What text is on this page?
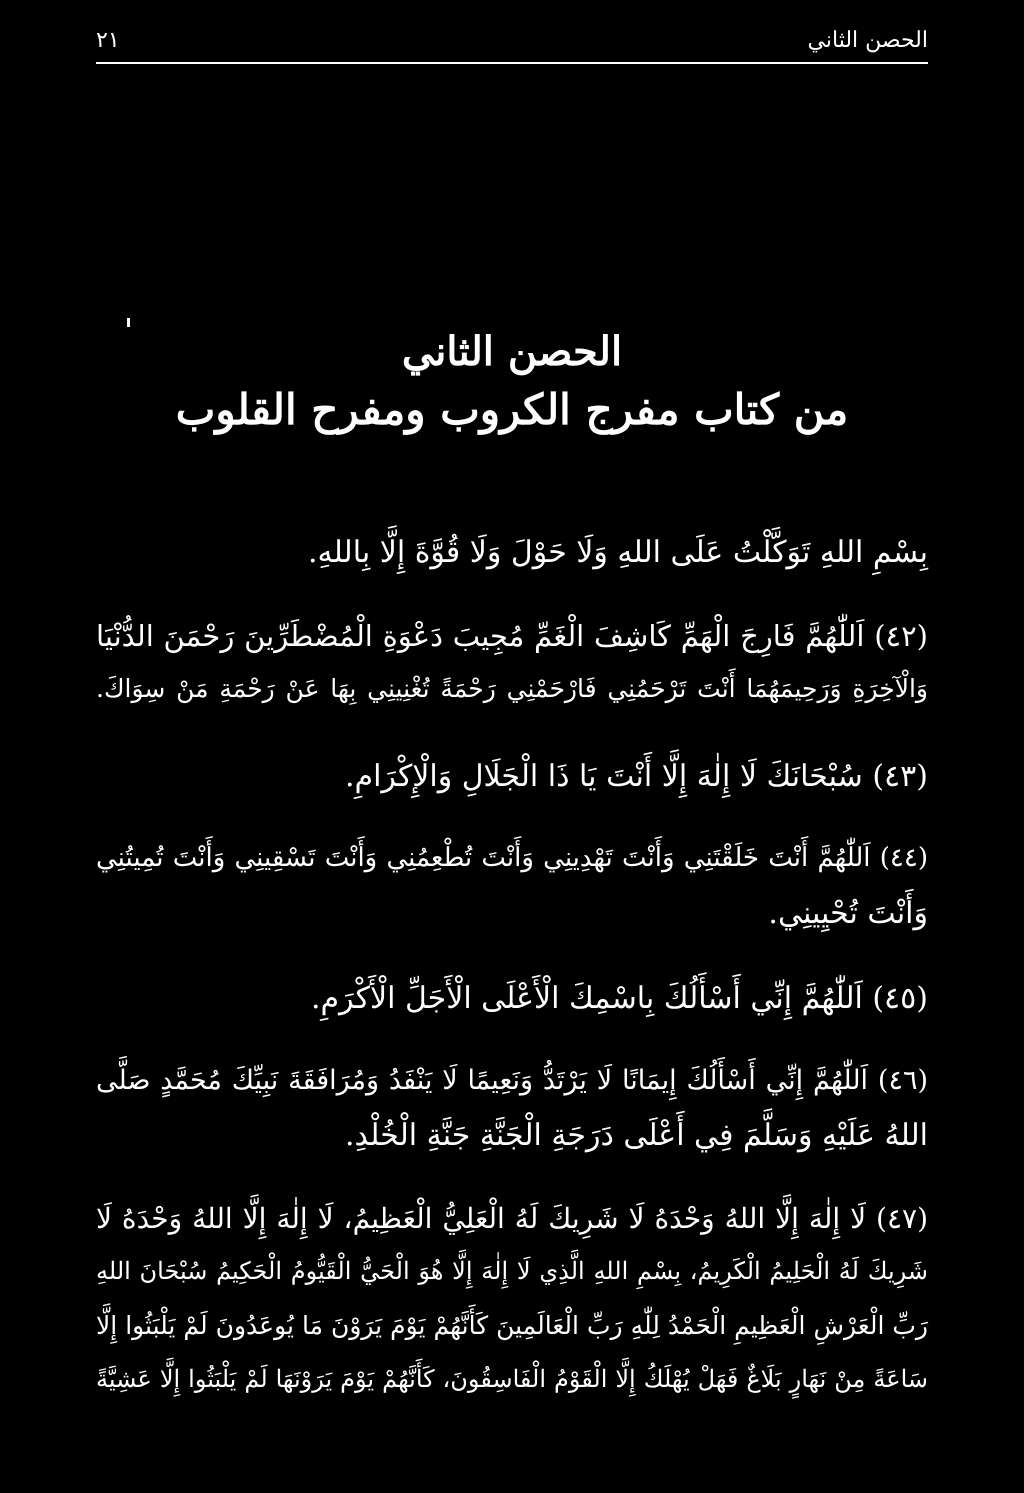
٢١	الحصن الثاني
الحصن الثاني
من كتاب مفرج الكروب ومفرح القلوب
بِسْمِ اللهِ تَوَكَّلْتُ عَلَى اللهِ وَلَا حَوْلَ وَلَا قُوَّةَ إِلَّا بِاللهِ.
(٤٢) اَللّٰهُمَّ فَارِجَ الْهَمِّ كَاشِفَ الْغَمِّ مُجِيبَ دَعْوَةِ الْمُضْطَرِّينَ رَحْمَنَ الدُّنْيَا
وَالْآخِرَةِ وَرَحِيمَهُمَا أَنْتَ تَرْحَمُنِي فَارْحَمْنِي رَحْمَةً تُغْنِينِي بِهَا عَنْ رَحْمَةِ مَنْ سِوَاكَ.
(٤٣) سُبْحَانَكَ لَا إِلٰهَ إِلَّا أَنْتَ يَا ذَا الْجَلَالِ وَالْإِكْرَامِ.
(٤٤) اَللّٰهُمَّ أَنْتَ خَلَقْتَنِي وَأَنْتَ تَهْدِينِي وَأَنْتَ تُطْعِمُنِي وَأَنْتَ تَسْقِينِي وَأَنْتَ تُمِيتُنِي
وَأَنْتَ تُحْيِينِي.
(٤٥) اَللّٰهُمَّ إِنِّي أَسْأَلُكَ بِاسْمِكَ الْأَعْلَى الْأَجَلِّ الْأَكْرَمِ.
(٤٦) اَللّٰهُمَّ إِنِّي أَسْأَلُكَ إِيمَانًا لَا يَرْتَدُّ وَنَعِيمًا لَا يَنْفَدُ وَمُرَافَقَةَ نَبِيِّكَ مُحَمَّدٍ صَلَّى
اللهُ عَلَيْهِ وَسَلَّمَ فِي أَعْلَى دَرَجَةِ الْجَنَّةِ جَنَّةِ الْخُلْدِ.
(٤٧) لَا إِلٰهَ إِلَّا اللهُ وَحْدَهُ لَا شَرِيكَ لَهُ الْعَلِيُّ الْعَظِيمُ، لَا إِلٰهَ إِلَّا اللهُ وَحْدَهُ لَا
شَرِيكَ لَهُ الْحَلِيمُ الْكَرِيمُ، بِسْمِ اللهِ الَّذِي لَا إِلٰهَ إِلَّا هُوَ الْحَيُّ الْقَيُّومُ الْحَكِيمُ سُبْحَانَ اللهِ
رَبِّ الْعَرْشِ الْعَظِيمِ الْحَمْدُ لِلّٰهِ رَبِّ الْعَالَمِينَ كَأَنَّهُمْ يَوْمَ يَرَوْنَ مَا يُوعَدُونَ لَمْ يَلْبَثُوا إِلَّا
سَاعَةً مِنْ نَهَارٍ بَلَاغٌ فَهَلْ يُهْلَكُ إِلَّا الْقَوْمُ الْفَاسِقُونَ، كَأَنَّهُمْ يَوْمَ يَرَوْنَهَا لَمْ يَلْبَثُوا إِلَّا عَشِيَّةً
